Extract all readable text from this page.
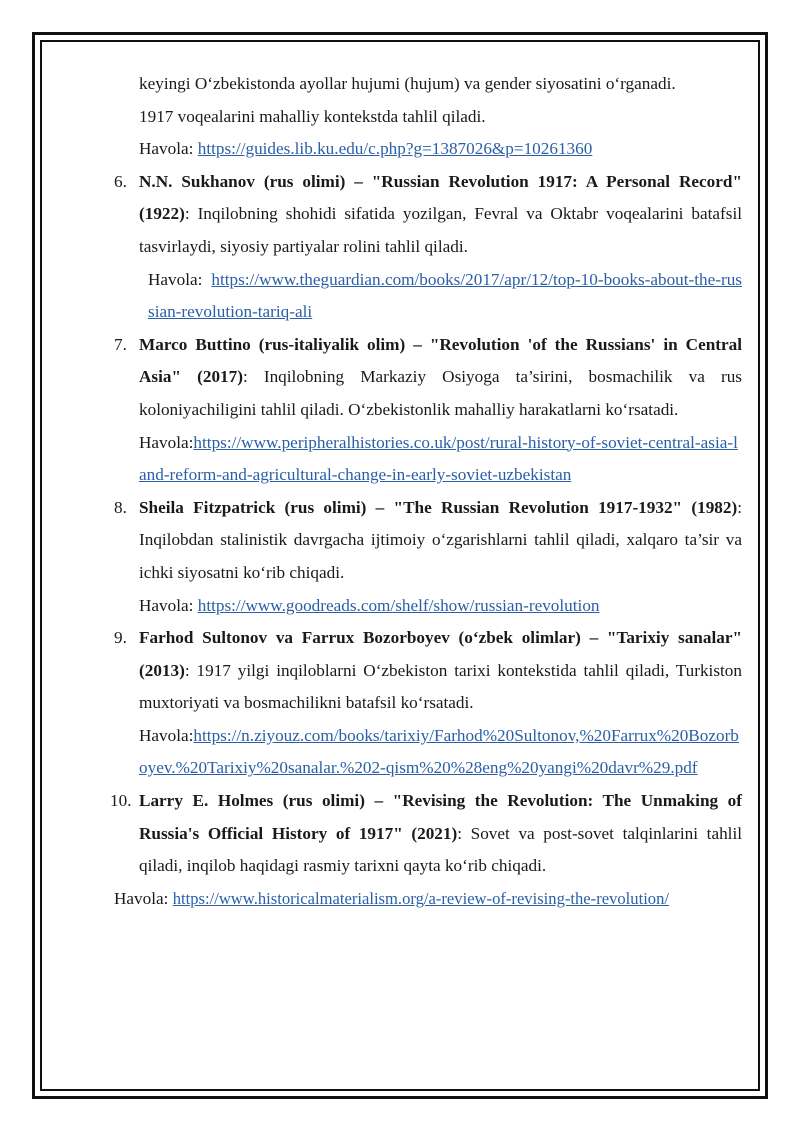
keyingi O‘zbekistonda ayollar hujumi (hujum) va gender siyosatini o‘rganadi.

1917 voqealarini mahalliy kontekstda tahlil qiladi.

Havola: https://guides.lib.ku.edu/c.php?g=1387026&p=10261360

6. N.N. Sukhanov (rus olimi) – "Russian Revolution 1917: A Personal Record" (1922): Inqilobning shohidi sifatida yozilgan, Fevral va Oktabr voqealarini batafsil tasvirlaydi, siyosiy partiyalar rolini tahlil qiladi.

Havola: https://www.theguardian.com/books/2017/apr/12/top-10-books-about-the-russian-revolution-tariq-ali

7. Marco Buttino (rus-italiyalik olim) – "Revolution 'of the Russians' in Central Asia" (2017): Inqilobning Markaziy Osiyoga ta’sirini, bosmachilik va rus koloniyachiligini tahlil qiladi. O‘zbekistonlik mahalliy harakatlarni ko‘rsatadi.

Havola:https://www.peripheralhistories.co.uk/post/rural-history-of-soviet-central-asia-land-reform-and-agricultural-change-in-early-soviet-uzbekistan

8. Sheila Fitzpatrick (rus olimi) – "The Russian Revolution 1917-1932" (1982): Inqilobdan stalinistik davrgacha ijtimoiy o‘zgarishlarni tahlil qiladi, xalqaro ta’sir va ichki siyosatni ko‘rib chiqadi.

Havola: https://www.goodreads.com/shelf/show/russian-revolution

9. Farhod Sultonov va Farrux Bozorboyev (o‘zbek olimlar) – "Tarixiy sanalar" (2013): 1917 yilgi inqiloblarni O‘zbekiston tarixi kontekstida tahlil qiladi, Turkiston muxtoriyati va bosmachilikni batafsil ko‘rsatadi.

Havola:https://n.ziyouz.com/books/tarixiy/Farhod%20Sultonov,%20Farrux%20Bozorboyev.%20Tarixiy%20sanalar.%202-qism%20%28eng%20yangi%20davr%29.pdf

10. Larry E. Holmes (rus olimi) – "Revising the Revolution: The Unmaking of Russia's Official History of 1917" (2021): Sovet va post-sovet talqinlarini tahlil qiladi, inqilob haqidagi rasmiy tarixni qayta ko‘rib chiqadi.

Havola: https://www.historicalmaterialism.org/a-review-of-revising-the-revolution/
